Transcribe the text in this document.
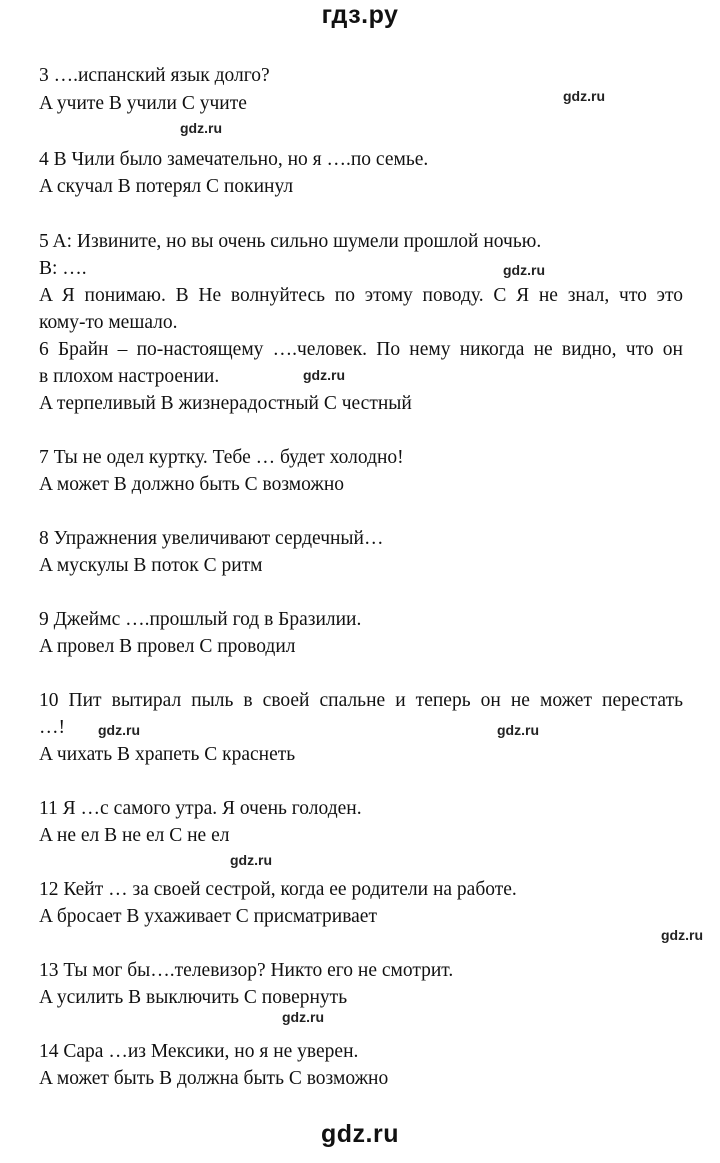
гдз.ру
3 ….испанский язык долго?
A учите B учили C учите
4 В Чили было замечательно, но я ….по семье.
A скучал B потерял C покинул
5 A: Извините, но вы очень сильно шумели прошлой ночью.
B: ….
A Я понимаю. B Не волнуйтесь по этому поводу. C Я не знал, что это
кому-то мешало.
6 Брайн – по-настоящему ….человек. По нему никогда не видно, что он
в плохом настроении.
A терпеливый B жизнерадостный C честный
7 Ты не одел куртку. Тебе … будет холодно!
A может B должно быть C возможно
8 Упражнения увеличивают сердечный…
A мускулы B поток C ритм
9 Джеймс ….прошлый год в Бразилии.
A провел B провел C проводил
10 Пит вытирал пыль в своей спальне и теперь он не может перестать
…!
A чихать B храпеть C краснеть
11 Я …с самого утра. Я очень голоден.
A не ел B не ел C не ел
12 Кейт … за своей сестрой, когда ее родители на работе.
A бросает B ухаживает C присматривает
13 Ты мог бы….телевизор? Никто его не смотрит.
A усилить B выключить C повернуть
14 Сара …из Мексики, но я не уверен.
A может быть B должна быть C возможно
gdz.ru
gdz.ru
gdz.ru
gdz.ru
gdz.ru	gdz.ru
gdz.ru
gdz.ru
gdz.ru
gdz.ru
